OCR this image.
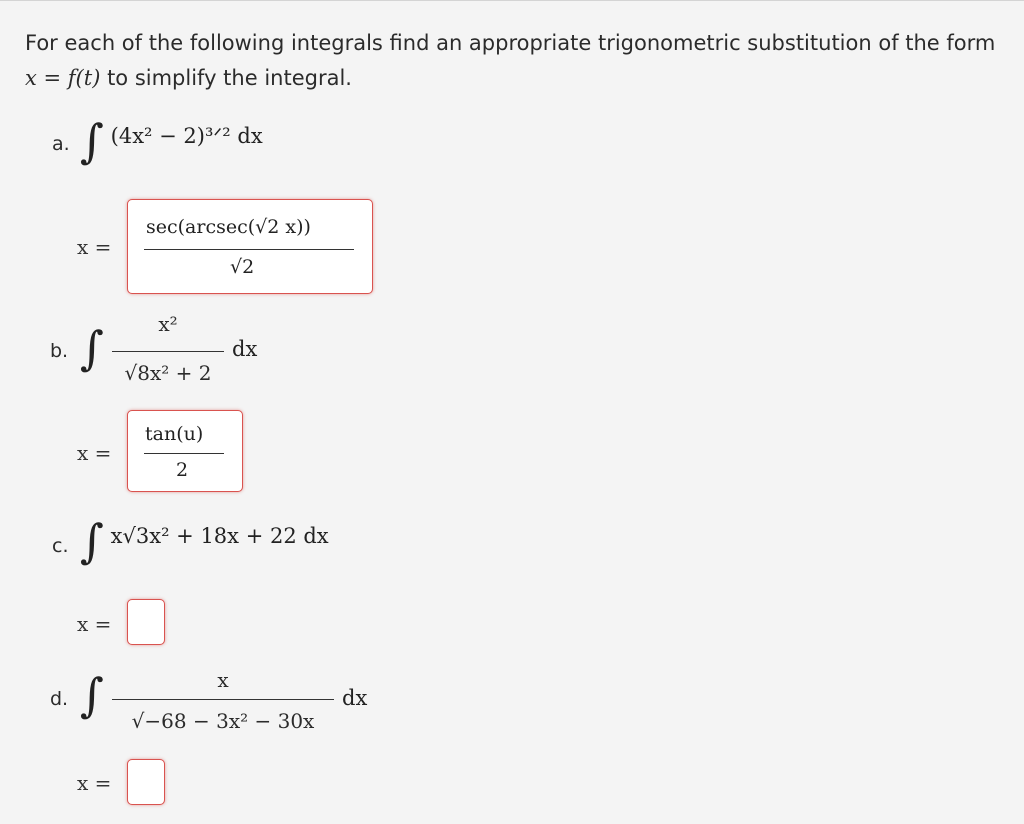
For each of the following integrals find an appropriate trigonometric substitution of the form
x = f(t) to simplify the integral.
a. ∫ (4x² − 2)³ᐟ² dx
x =
sec(arcsec(√2 x))
√2
b. ∫	x²
√8x² + 2
dx
x =
tan(u)
2
c. ∫ x√3x² + 18x + 22 dx
x =
d. ∫	x
√−68 − 3x² − 30x
dx
x =
